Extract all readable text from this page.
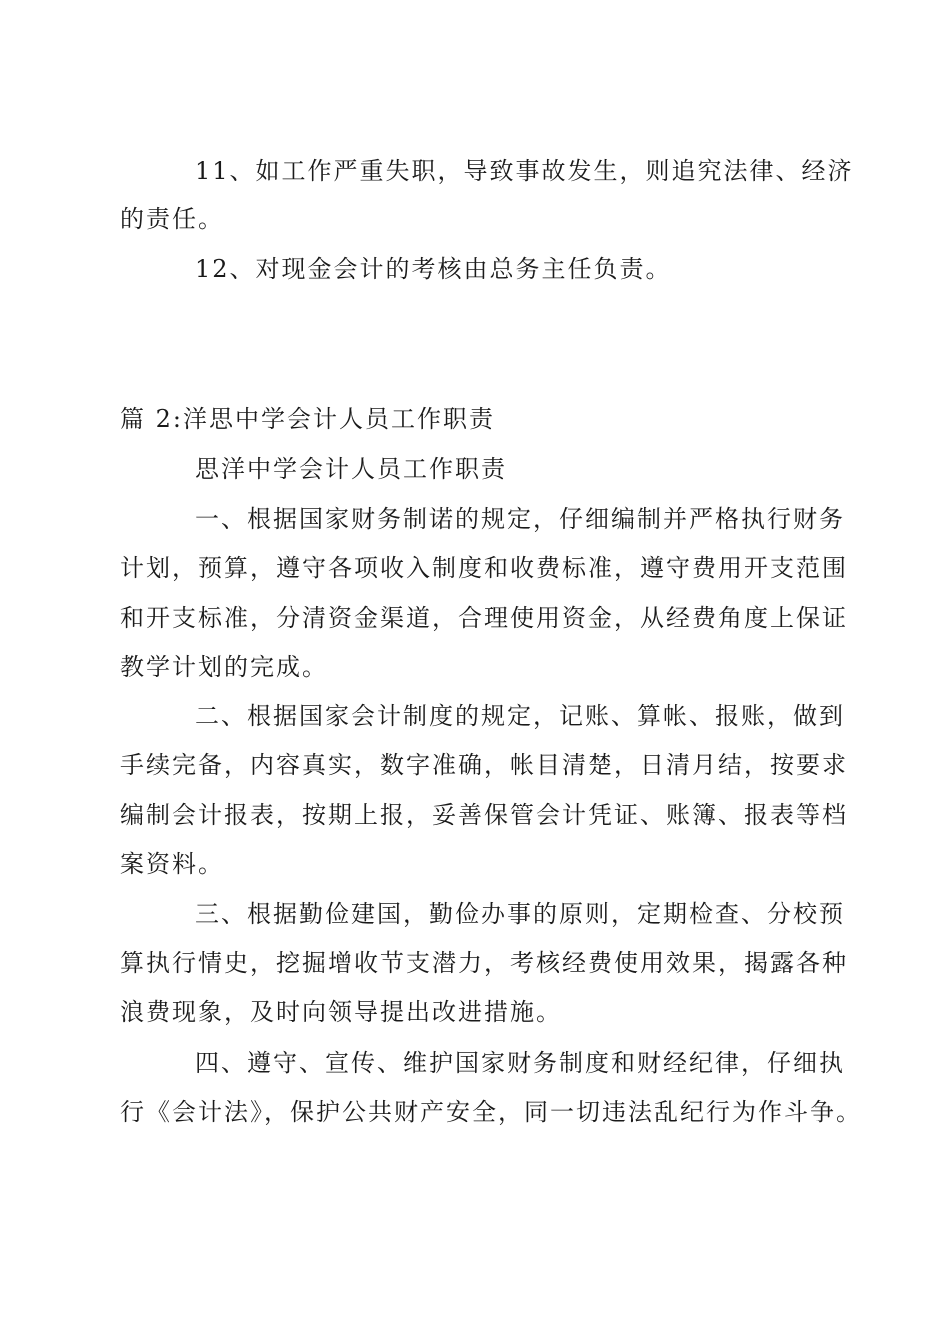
11、如工作严重失职，导致事故发生，则追究法律、经济
的责任。
12、对现金会计的考核由总务主任负责。
篇 2:洋思中学会计人员工作职责
思洋中学会计人员工作职责
一、根据国家财务制诺的规定，仔细编制并严格执行财务
计划，预算，遵守各项收入制度和收费标准，遵守费用开支范围
和开支标准，分清资金渠道，合理使用资金，从经费角度上保证
教学计划的完成。
二、根据国家会计制度的规定，记账、算帐、报账，做到
手续完备，内容真实，数字准确，帐目清楚，日清月结，按要求
编制会计报表，按期上报，妥善保管会计凭证、账簿、报表等档
案资料。
三、根据勤俭建国，勤俭办事的原则，定期检查、分校预
算执行情史，挖掘增收节支潜力，考核经费使用效果，揭露各种
浪费现象，及时向领导提出改进措施。
四、遵守、宣传、维护国家财务制度和财经纪律，仔细执
行《会计法》，保护公共财产安全，同一切违法乱纪行为作斗争。
